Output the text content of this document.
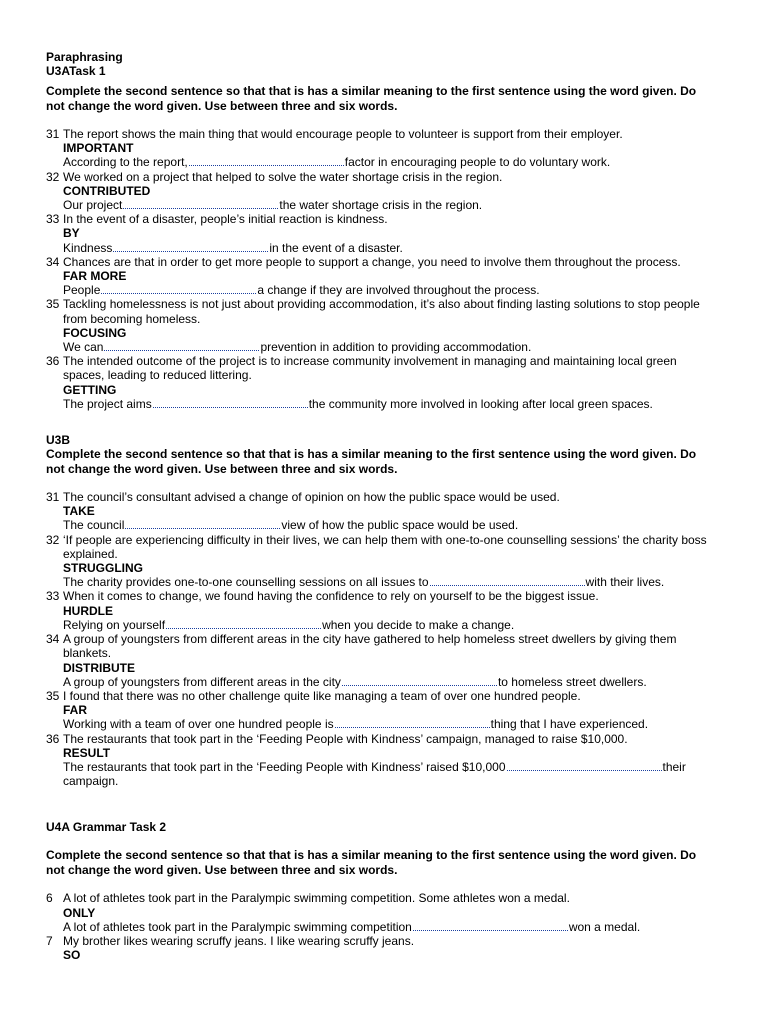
Paraphrasing
U3ATask 1
Complete the second sentence so that that is has a similar meaning to the first sentence using the word given. Do not change the word given. Use between three and six words.
31 The report shows the main thing that would encourage people to volunteer is support from their employer.
IMPORTANT
According to the report,	factor in encouraging people to do voluntary work.
32 We worked on a project that helped to solve the water shortage crisis in the region.
CONTRIBUTED
Our project	the water shortage crisis in the region.
33 In the event of a disaster, people’s initial reaction is kindness.
BY
Kindness	in the event of a disaster.
34 Chances are that in order to get more people to support a change, you need to involve them throughout the process.
FAR MORE
People	a change if they are involved throughout the process.
35 Tackling homelessness is not just about providing accommodation, it’s also about finding lasting solutions to stop people from becoming homeless.
FOCUSING
We can	prevention in addition to providing accommodation.
36 The intended outcome of the project is to increase community involvement in managing and maintaining local green spaces, leading to reduced littering.
GETTING
The project aims	the community more involved in looking after local green spaces.
U3B
Complete the second sentence so that that is has a similar meaning to the first sentence using the word given. Do not change the word given. Use between three and six words.
31 The council’s consultant advised a change of opinion on how the public space would be used.
TAKE
The council	view of how the public space would be used.
32 ‘If people are experiencing difficulty in their lives, we can help them with one-to-one counselling sessions’ the charity boss explained.
STRUGGLING
The charity provides one-to-one counselling sessions on all issues to	with their lives.
33 When it comes to change, we found having the confidence to rely on yourself to be the biggest issue.
HURDLE
Relying on yourself	when you decide to make a change.
34 A group of youngsters from different areas in the city have gathered to help homeless street dwellers by giving them blankets.
DISTRIBUTE
A group of youngsters from different areas in the city	to homeless street dwellers.
35 I found that there was no other challenge quite like managing a team of over one hundred people.
FAR
Working with a team of over one hundred people is	thing that I have experienced.
36 The restaurants that took part in the ‘Feeding People with Kindness’ campaign, managed to raise $10,000.
RESULT
The restaurants that took part in the ‘Feeding People with Kindness’ raised $10,000	their campaign.
U4A Grammar Task 2
Complete the second sentence so that that is has a similar meaning to the first sentence using the word given. Do not change the word given. Use between three and six words.
6 A lot of athletes took part in the Paralympic swimming competition. Some athletes won a medal.
ONLY
A lot of athletes took part in the Paralympic swimming competition	won a medal.
7 My brother likes wearing scruffy jeans. I like wearing scruffy jeans.
SO
